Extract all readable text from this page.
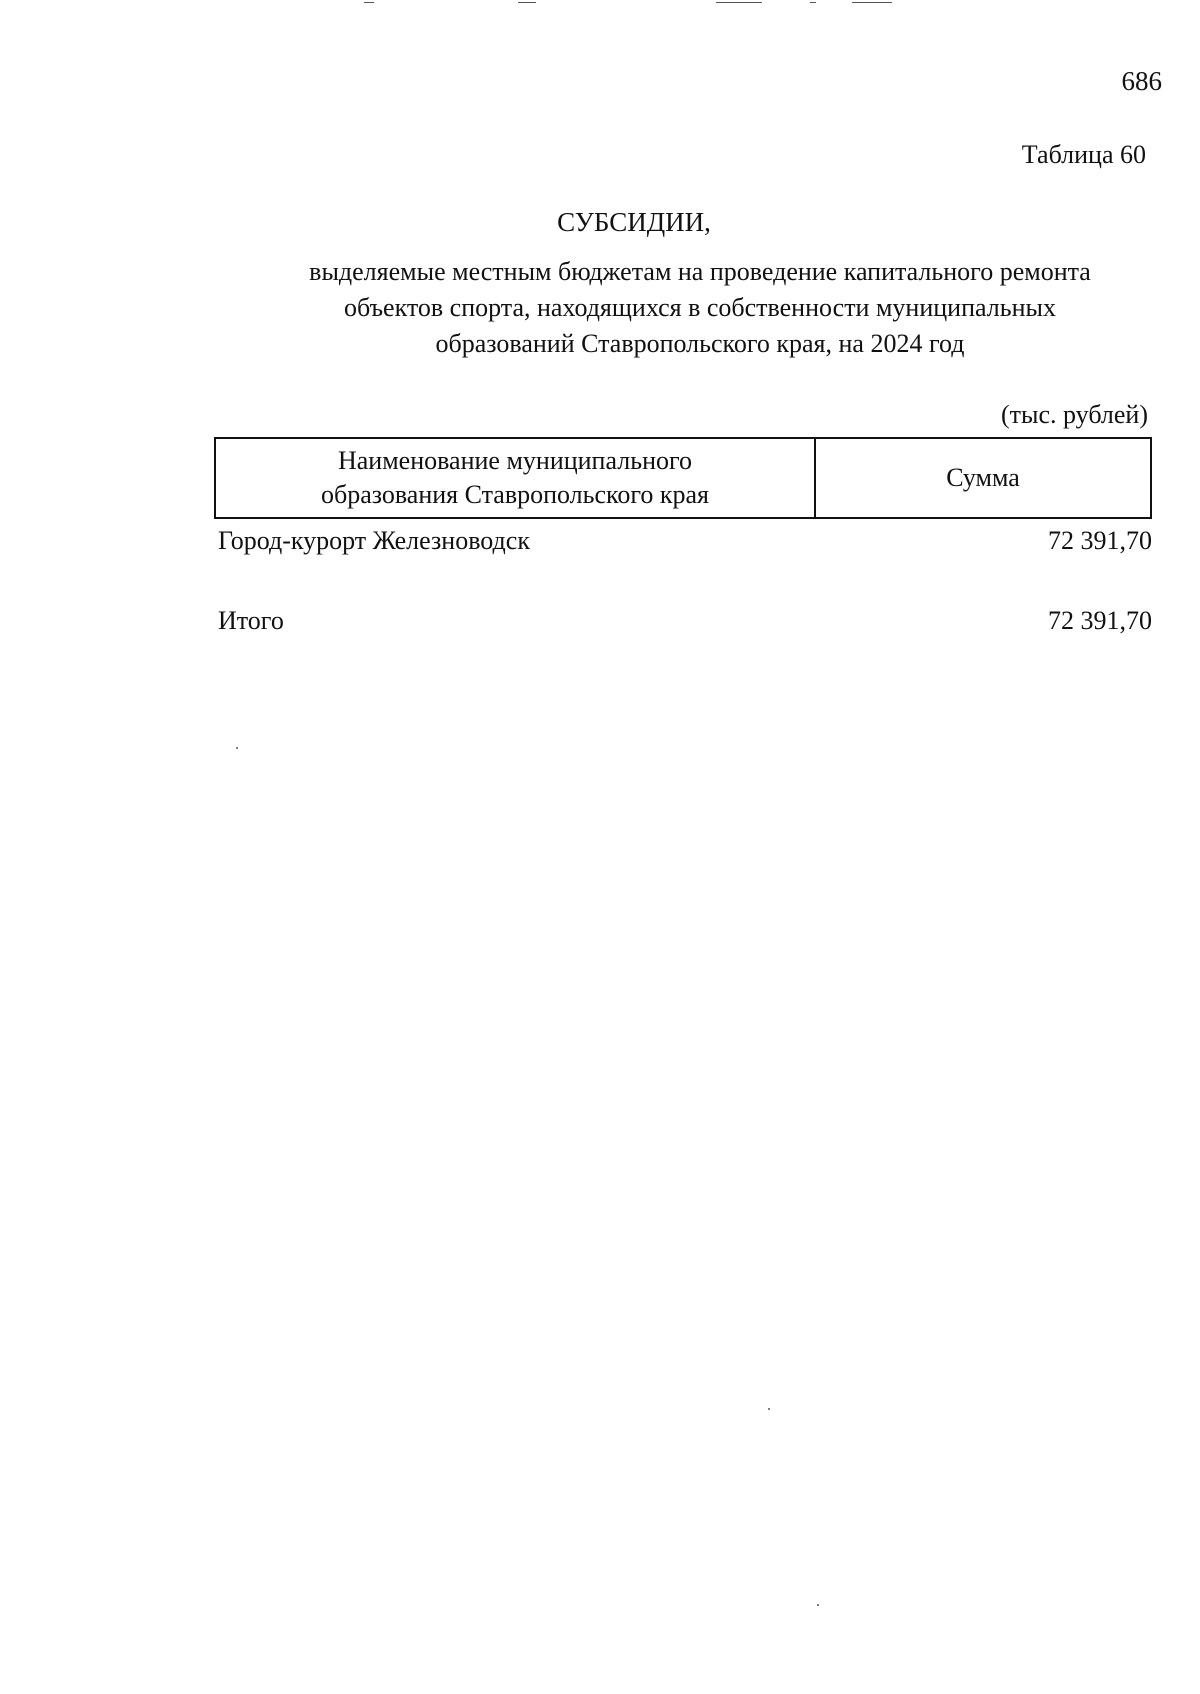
686
Таблица 60
СУБСИДИИ,
выделяемые местным бюджетам на проведение капитального ремонта
объектов спорта, находящихся в собственности муниципальных
образований Ставропольского края, на 2024 год
(тыс. рублей)
Наименование муниципального
образования Ставропольского края
Сумма
Город-курорт Железноводск	72 391,70
Итого	72 391,70
